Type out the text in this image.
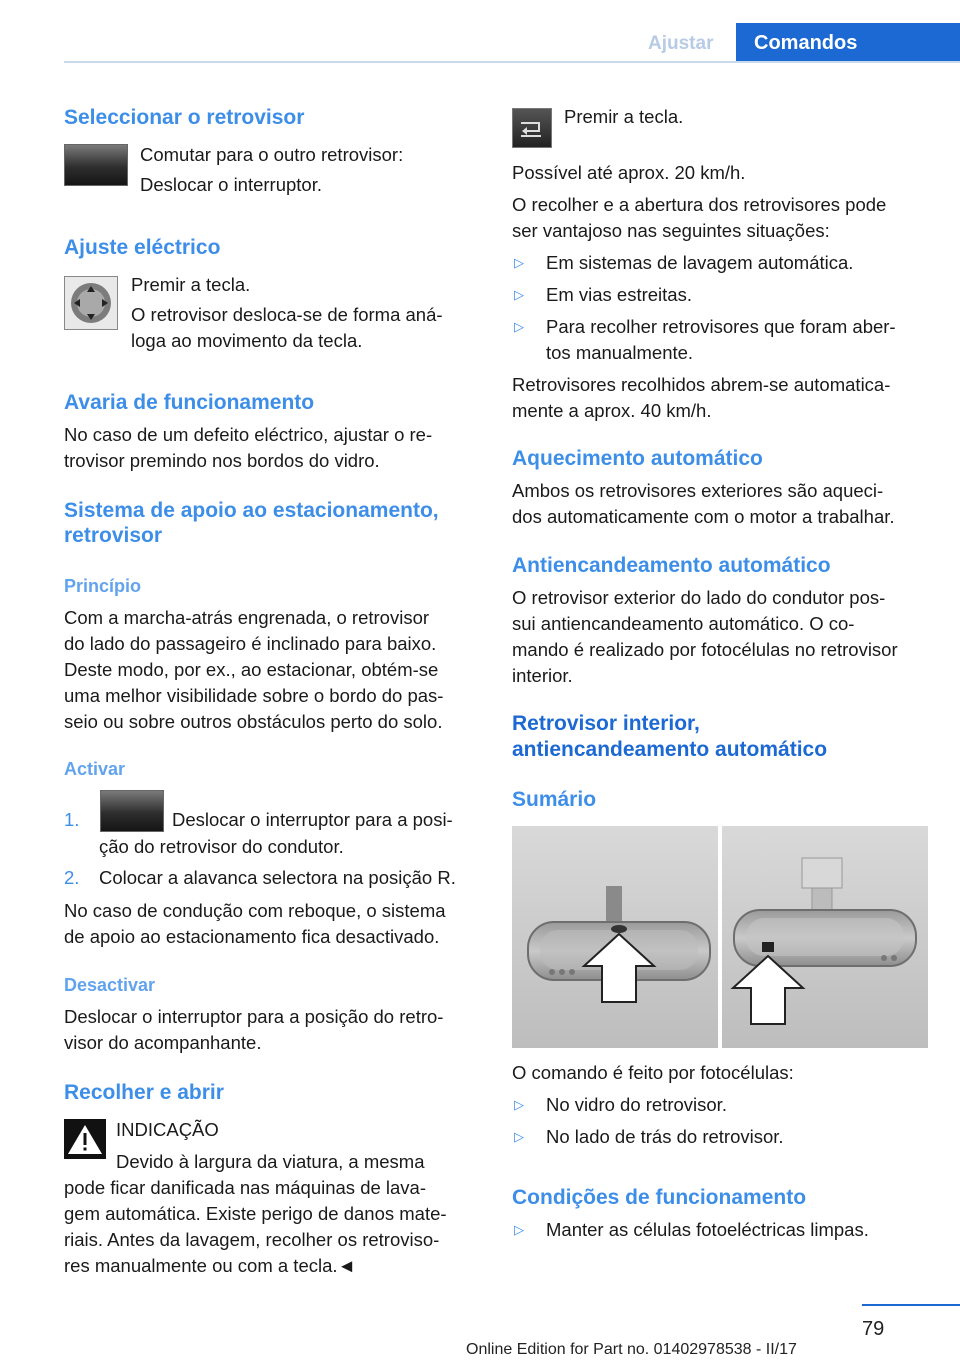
Ajustar Comandos
Seleccionar o retrovisor
Comutar para o outro retrovisor:
Deslocar o interruptor.
Ajuste eléctrico
Premir a tecla.
O retrovisor desloca-se de forma aná-
loga ao movimento da tecla.
Avaria de funcionamento
No caso de um defeito eléctrico, ajustar o re-
trovisor premindo nos bordos do vidro.
Sistema de apoio ao estacionamento,
retrovisor
Princípio
Com a marcha-atrás engrenada, o retrovisor
do lado do passageiro é inclinado para baixo.
Deste modo, por ex., ao estacionar, obtém-se
uma melhor visibilidade sobre o bordo do pas-
seio ou sobre outros obstáculos perto do solo.
Activar
1.	Deslocar o interruptor para a posi-
ção do retrovisor do condutor.
2. Colocar a alavanca selectora na posição R.
No caso de condução com reboque, o sistema
de apoio ao estacionamento fica desactivado.
Desactivar
Deslocar o interruptor para a posição do retro-
visor do acompanhante.
Recolher e abrir
INDICAÇÃO
Devido à largura da viatura, a mesma
pode ficar danificada nas máquinas de lava-
gem automática. Existe perigo de danos mate-
riais. Antes da lavagem, recolher os retroviso-
res manualmente ou com a tecla.◄
Premir a tecla.
Possível até aprox. 20 km/h.
O recolher e a abertura dos retrovisores pode
ser vantajoso nas seguintes situações:
▷ Em sistemas de lavagem automática.
▷ Em vias estreitas.
▷ Para recolher retrovisores que foram aber-
tos manualmente.
Retrovisores recolhidos abrem-se automatica-
mente a aprox. 40 km/h.
Aquecimento automático
Ambos os retrovisores exteriores são aqueci-
dos automaticamente com o motor a trabalhar.
Antiencandeamento automático
O retrovisor exterior do lado do condutor pos-
sui antiencandeamento automático. O co-
mando é realizado por fotocélulas no retrovisor
interior.
Retrovisor interior,
antiencandeamento automático
Sumário
O comando é feito por fotocélulas:
▷ No vidro do retrovisor.
▷ No lado de trás do retrovisor.
Condições de funcionamento
▷ Manter as células fotoeléctricas limpas.
79
Online Edition for Part no. 01402978538 - II/17
